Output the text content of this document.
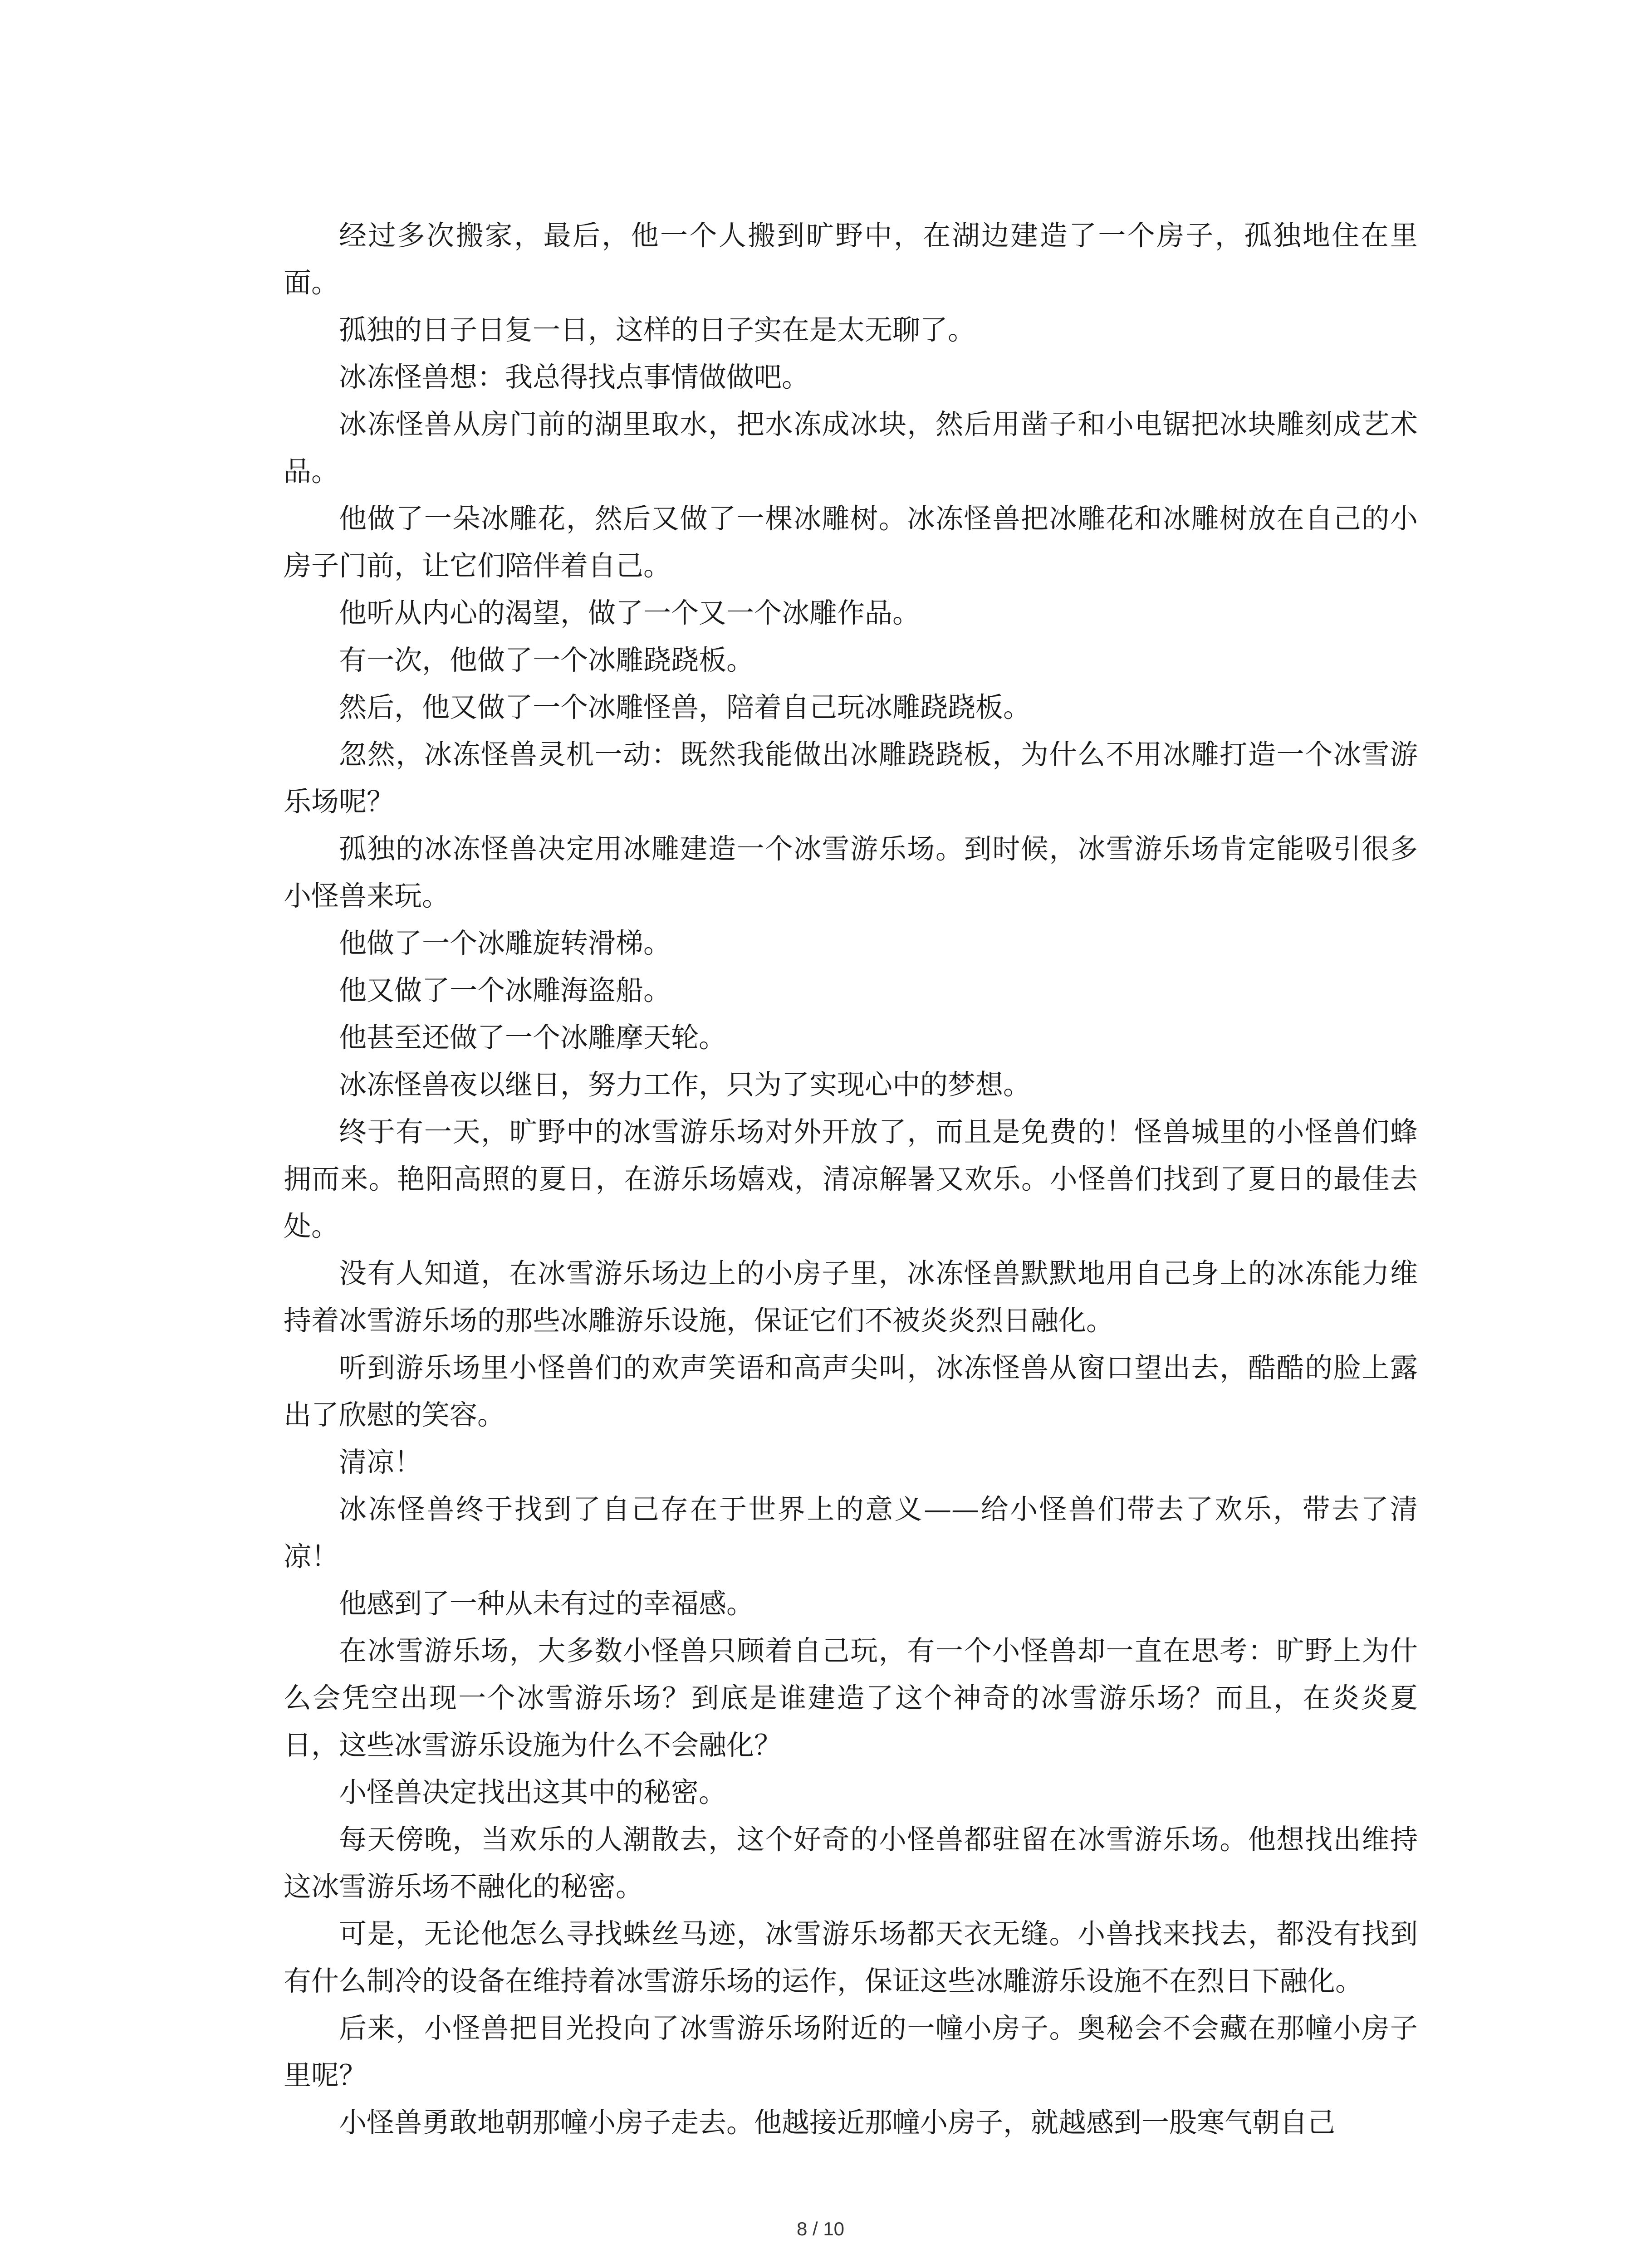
经过多次搬家，最后，他一个人搬到旷野中，在湖边建造了一个房子，孤独地住在里面。

孤独的日子日复一日，这样的日子实在是太无聊了。

冰冻怪兽想：我总得找点事情做做吧。

冰冻怪兽从房门前的湖里取水，把水冻成冰块，然后用凿子和小电锯把冰块雕刻成艺术品。

他做了一朵冰雕花，然后又做了一棵冰雕树。冰冻怪兽把冰雕花和冰雕树放在自己的小房子门前，让它们陪伴着自己。

他听从内心的渴望，做了一个又一个冰雕作品。

有一次，他做了一个冰雕跷跷板。

然后，他又做了一个冰雕怪兽，陪着自己玩冰雕跷跷板。

忽然，冰冻怪兽灵机一动：既然我能做出冰雕跷跷板，为什么不用冰雕打造一个冰雪游乐场呢？

孤独的冰冻怪兽决定用冰雕建造一个冰雪游乐场。到时候，冰雪游乐场肯定能吸引很多小怪兽来玩。

他做了一个冰雕旋转滑梯。

他又做了一个冰雕海盗船。

他甚至还做了一个冰雕摩天轮。

冰冻怪兽夜以继日，努力工作，只为了实现心中的梦想。

终于有一天，旷野中的冰雪游乐场对外开放了，而且是免费的！怪兽城里的小怪兽们蜂拥而来。艳阳高照的夏日，在游乐场嬉戏，清凉解暑又欢乐。小怪兽们找到了夏日的最佳去处。

没有人知道，在冰雪游乐场边上的小房子里，冰冻怪兽默默地用自己身上的冰冻能力维持着冰雪游乐场的那些冰雕游乐设施，保证它们不被炎炎烈日融化。

听到游乐场里小怪兽们的欢声笑语和高声尖叫，冰冻怪兽从窗口望出去，酷酷的脸上露出了欣慰的笑容。

清凉！

冰冻怪兽终于找到了自己存在于世界上的意义——给小怪兽们带去了欢乐，带去了清凉！

他感到了一种从未有过的幸福感。

在冰雪游乐场，大多数小怪兽只顾着自己玩，有一个小怪兽却一直在思考：旷野上为什么会凭空出现一个冰雪游乐场？到底是谁建造了这个神奇的冰雪游乐场？而且，在炎炎夏日，这些冰雪游乐设施为什么不会融化？

小怪兽决定找出这其中的秘密。

每天傍晚，当欢乐的人潮散去，这个好奇的小怪兽都驻留在冰雪游乐场。他想找出维持这冰雪游乐场不融化的秘密。

可是，无论他怎么寻找蛛丝马迹，冰雪游乐场都天衣无缝。小兽找来找去，都没有找到有什么制冷的设备在维持着冰雪游乐场的运作，保证这些冰雕游乐设施不在烈日下融化。

后来，小怪兽把目光投向了冰雪游乐场附近的一幢小房子。奥秘会不会藏在那幢小房子里呢？

小怪兽勇敢地朝那幢小房子走去。他越接近那幢小房子，就越感到一股寒气朝自己

8 / 10
